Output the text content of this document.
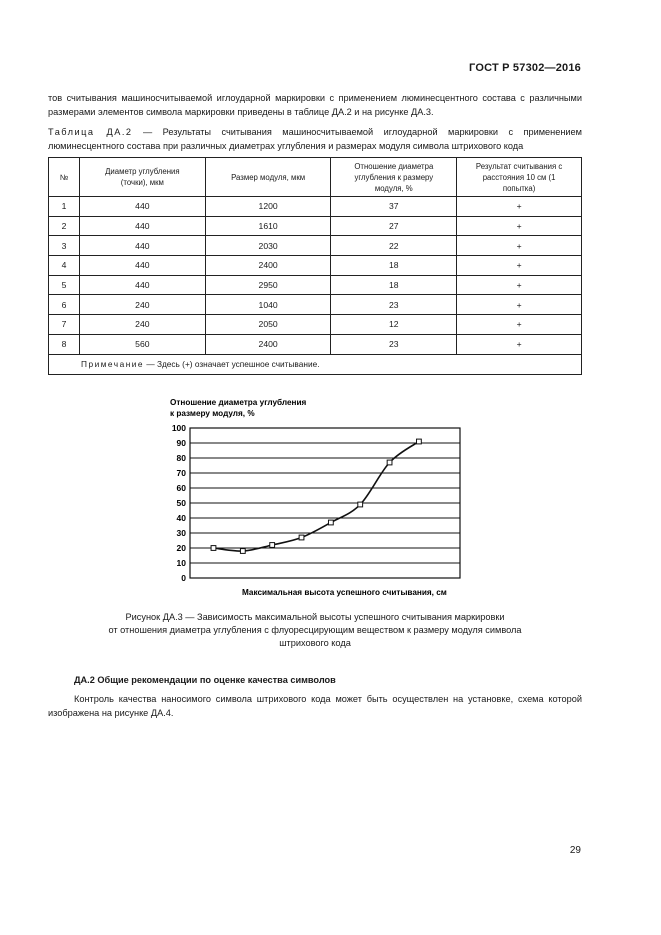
ГОСТ Р 57302—2016
тов считывания машиносчитываемой иглоударной маркировки с применением люминесцентного состава с различными размерами элементов символа маркировки приведены в таблице ДА.2 и на рисунке ДА.3.
Таблица ДА.2 — Результаты считывания машиносчитываемой иглоударной маркировки с применением люминесцентного состава при различных диаметрах углубления и размерах модуля символа штрихового кода
№	Диаметр углубления (точки), мкм	Размер модуля, мкм	Отношение диаметра углубления к размеру модуля, %	Результат считывания с расстояния 10 см (1 попытка)
1	440	1200	37	+
2	440	1610	27	+
3	440	2030	22	+
4	440	2400	18	+
5	440	2950	18	+
6	240	1040	23	+
7	240	2050	12	+
8	560	2400	23	+
Примечание — Здесь (+) означает успешное считывание.				
Отношение диаметра углубления
к размеру модуля, %
0
10
20
30
40
50
60
70
80
90
100
Максимальная высота успешного считывания, см
Рисунок ДА.3 — Зависимость максимальной высоты успешного считывания маркировки
от отношения диаметра углубления с флуоресцирующим веществом к размеру модуля символа
штрихового кода
ДА.2 Общие рекомендации по оценке качества символов
Контроль качества наносимого символа штрихового кода может быть осуществлен на установке, схема которой изображена на рисунке ДА.4.
29
